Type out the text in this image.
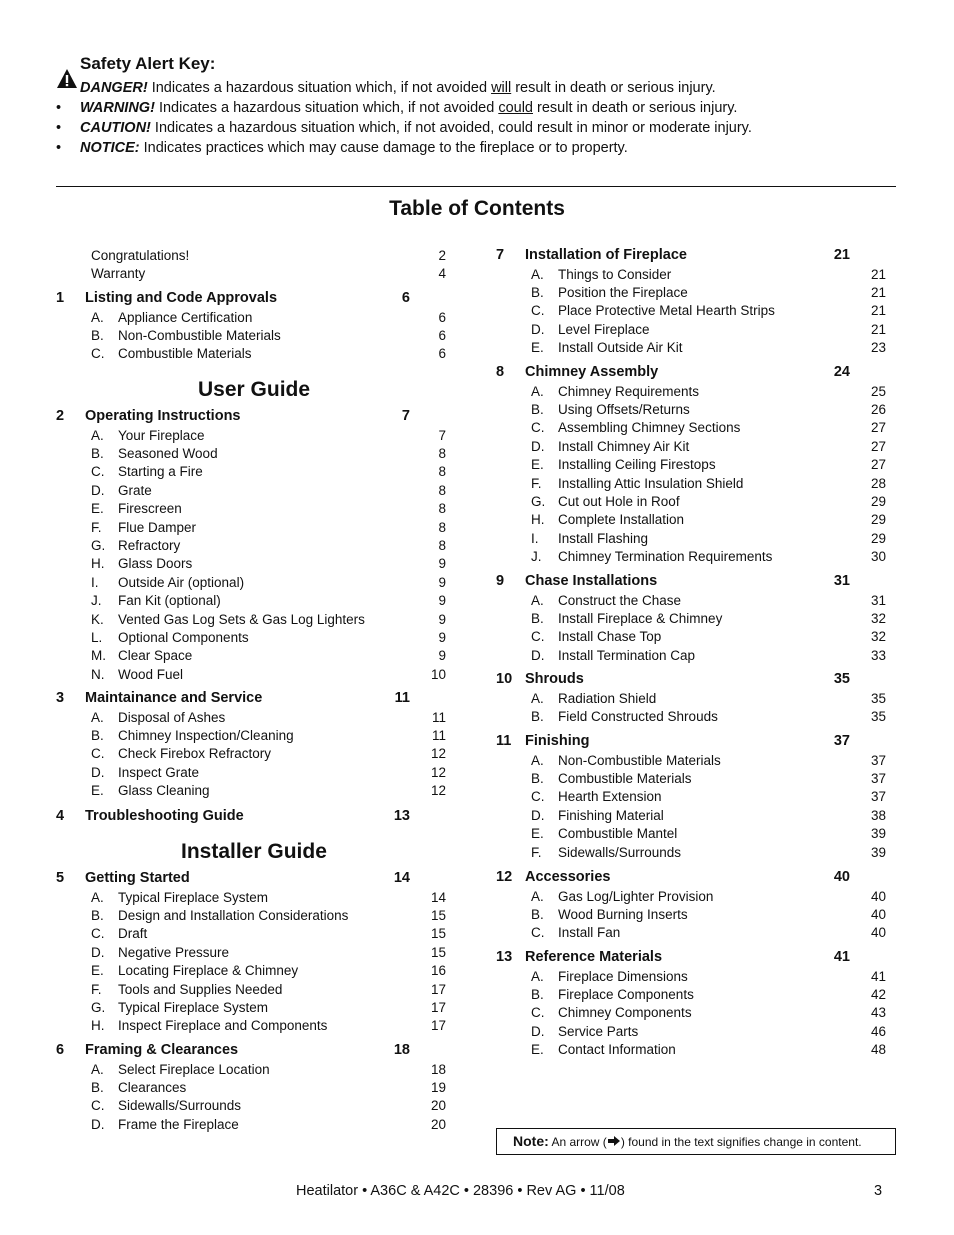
Safety Alert Key:
DANGER! Indicates a hazardous situation which, if not avoided will result in death or serious injury.
• WARNING! Indicates a hazardous situation which, if not avoided could result in death or serious injury.
• CAUTION! Indicates a hazardous situation which, if not avoided, could result in minor or moderate injury.
• NOTICE: Indicates practices which may cause damage to the fireplace or to property.
Table of Contents
Congratulations!	2
Warranty	4
1 Listing and Code Approvals	6
A. Appliance Certification	6
B. Non-Combustible Materials	6
C. Combustible Materials	6
2 Operating Instructions	7
A. Your Fireplace	7
B. Seasoned Wood	8
C. Starting a Fire	8
D. Grate	8
E. Firescreen	8
F. Flue Damper	8
G. Refractory	8
H. Glass Doors	9
I. Outside Air (optional)	9
J. Fan Kit (optional)	9
K. Vented Gas Log Sets & Gas Log Lighters	9
L. Optional Components	9
M. Clear Space	9
N. Wood Fuel	10
3 Maintainance and Service	11
A. Disposal of Ashes	11
B. Chimney Inspection/Cleaning	11
C. Check Firebox Refractory	12
D. Inspect Grate	12
E. Glass Cleaning	12
4 Troubleshooting Guide	13
5 Getting Started	14
A. Typical Fireplace System	14
B. Design and Installation Considerations	15
C. Draft	15
D. Negative Pressure	15
E. Locating Fireplace & Chimney	16
F. Tools and Supplies Needed	17
G. Typical Fireplace System	17
H. Inspect Fireplace and Components	17
6 Framing & Clearances	18
A. Select Fireplace Location	18
B. Clearances	19
C. Sidewalls/Surrounds	20
D. Frame the Fireplace	20
User Guide
Installer Guide
7 Installation of Fireplace	21
A. Things to Consider	21
B. Position the Fireplace	21
C. Place Protective Metal Hearth Strips	21
D. Level Fireplace	21
E. Install Outside Air Kit	23
8 Chimney Assembly	24
A. Chimney Requirements	25
B. Using Offsets/Returns	26
C. Assembling Chimney Sections	27
D. Install Chimney Air Kit	27
E. Installing Ceiling Firestops	27
F. Installing Attic Insulation Shield	28
G. Cut out Hole in Roof	29
H. Complete Installation	29
I. Install Flashing	29
J. Chimney Termination Requirements	30
9 Chase Installations	31
A. Construct the Chase	31
B. Install Fireplace & Chimney	32
C. Install Chase Top	32
D. Install Termination Cap	33
10 Shrouds	35
A. Radiation Shield	35
B. Field Constructed Shrouds	35
11 Finishing	37
A. Non-Combustible Materials	37
B. Combustible Materials	37
C. Hearth Extension	37
D. Finishing Material	38
E. Combustible Mantel	39
F. Sidewalls/Surrounds	39
12 Accessories	40
A. Gas Log/Lighter Provision	40
B. Wood Burning Inserts	40
C. Install Fan	40
13 Reference Materials	41
A. Fireplace Dimensions	41
B. Fireplace Components	42
C. Chimney Components	43
D. Service Parts	46
E. Contact Information	48
Note: An arrow ( ) found in the text signifies change in content.
Heatilator • A36C & A42C • 28396 • Rev AG • 11/08	3
